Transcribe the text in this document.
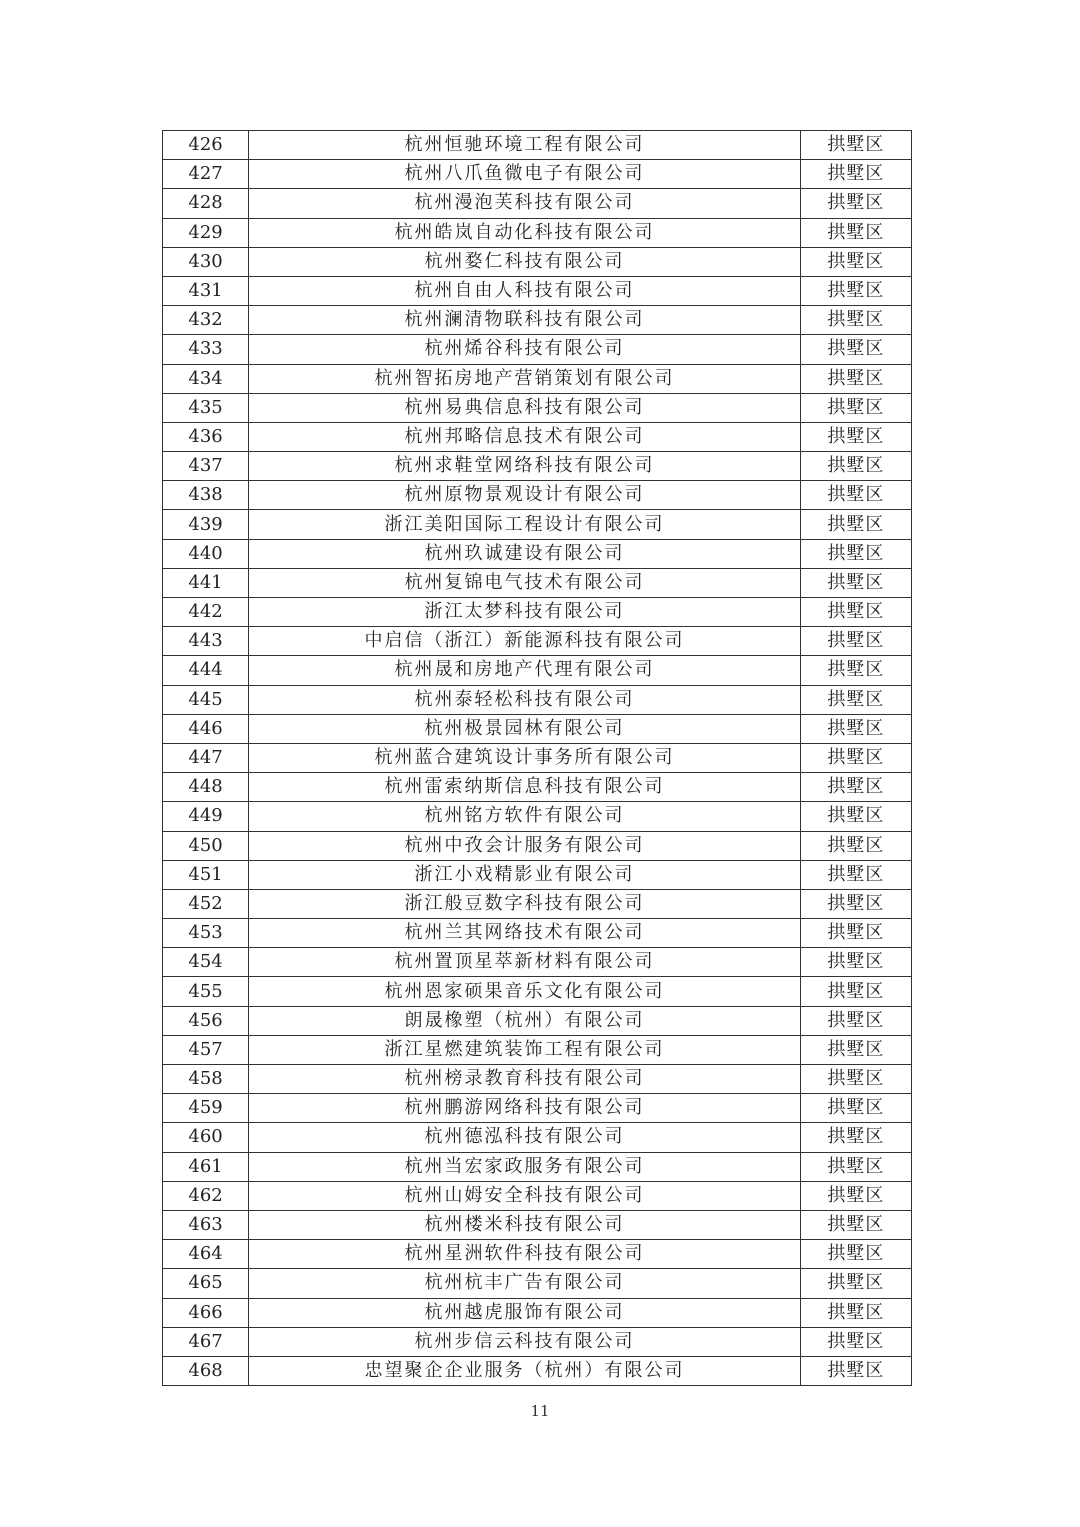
426	杭州恒驰环境工程有限公司	拱墅区
427	杭州八爪鱼微电子有限公司	拱墅区
428	杭州漫泡芙科技有限公司	拱墅区
429	杭州皓岚自动化科技有限公司	拱墅区
430	杭州婺仁科技有限公司	拱墅区
431	杭州自由人科技有限公司	拱墅区
432	杭州澜清物联科技有限公司	拱墅区
433	杭州烯谷科技有限公司	拱墅区
434	杭州智拓房地产营销策划有限公司	拱墅区
435	杭州易典信息科技有限公司	拱墅区
436	杭州邦略信息技术有限公司	拱墅区
437	杭州求鞋堂网络科技有限公司	拱墅区
438	杭州原物景观设计有限公司	拱墅区
439	浙江美阳国际工程设计有限公司	拱墅区
440	杭州玖诚建设有限公司	拱墅区
441	杭州复锦电气技术有限公司	拱墅区
442	浙江太梦科技有限公司	拱墅区
443	中启信（浙江）新能源科技有限公司	拱墅区
444	杭州晟和房地产代理有限公司	拱墅区
445	杭州泰轻松科技有限公司	拱墅区
446	杭州极景园林有限公司	拱墅区
447	杭州蓝合建筑设计事务所有限公司	拱墅区
448	杭州雷索纳斯信息科技有限公司	拱墅区
449	杭州铭方软件有限公司	拱墅区
450	杭州中孜会计服务有限公司	拱墅区
451	浙江小戏精影业有限公司	拱墅区
452	浙江般豆数字科技有限公司	拱墅区
453	杭州兰其网络技术有限公司	拱墅区
454	杭州置顶星萃新材料有限公司	拱墅区
455	杭州恩家硕果音乐文化有限公司	拱墅区
456	朗晟橡塑（杭州）有限公司	拱墅区
457	浙江星燃建筑装饰工程有限公司	拱墅区
458	杭州榜录教育科技有限公司	拱墅区
459	杭州鹏游网络科技有限公司	拱墅区
460	杭州德泓科技有限公司	拱墅区
461	杭州当宏家政服务有限公司	拱墅区
462	杭州山姆安全科技有限公司	拱墅区
463	杭州楼米科技有限公司	拱墅区
464	杭州星洲软件科技有限公司	拱墅区
465	杭州杭丰广告有限公司	拱墅区
466	杭州越虎服饰有限公司	拱墅区
467	杭州步信云科技有限公司	拱墅区
468	忠望聚企企业服务（杭州）有限公司	拱墅区
11
